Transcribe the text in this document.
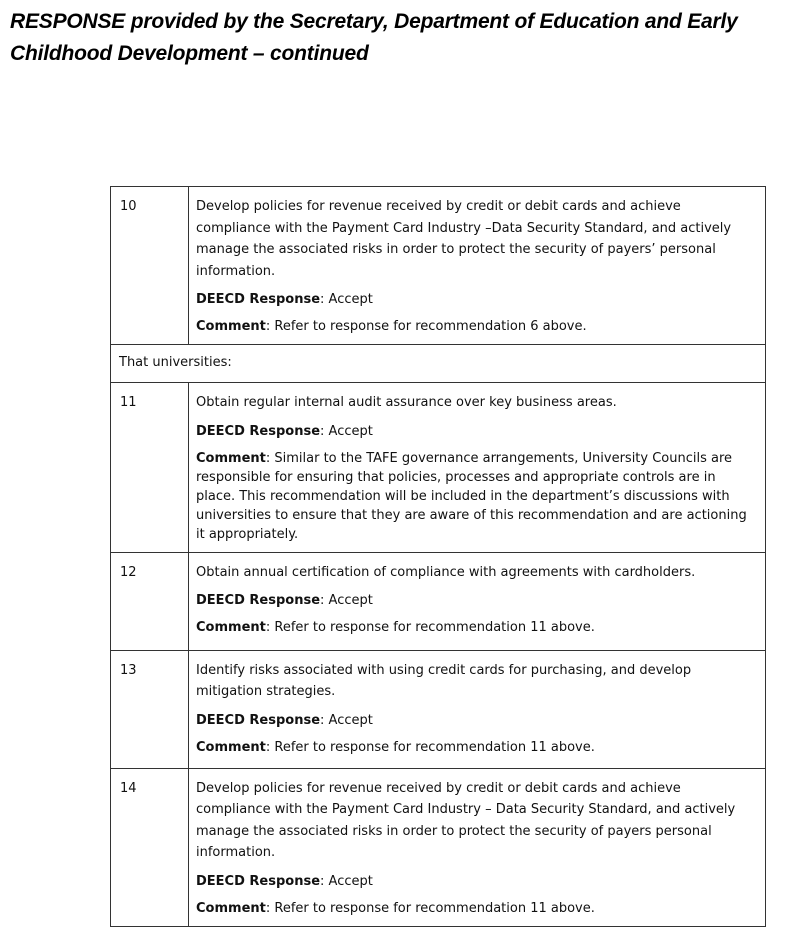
RESPONSE provided by the Secretary, Department of Education and Early Childhood Development – continued
10	Develop policies for revenue received by credit or debit cards and achieve compliance with the Payment Card Industry –Data Security Standard, and actively manage the associated risks in order to protect the security of payers’ personal information.

DEECD Response: Accept

Comment: Refer to response for recommendation 6 above.

That universities:	
11	Obtain regular internal audit assurance over key business areas.

DEECD Response: Accept

Comment: Similar to the TAFE governance arrangements, University Councils are responsible for ensuring that policies, processes and appropriate controls are in place. This recommendation will be included in the department’s discussions with universities to ensure that they are aware of this recommendation and are actioning it appropriately.

12	Obtain annual certification of compliance with agreements with cardholders.

DEECD Response: Accept

Comment: Refer to response for recommendation 11 above.

13	Identify risks associated with using credit cards for purchasing, and develop mitigation strategies.

DEECD Response: Accept

Comment: Refer to response for recommendation 11 above.

14	Develop policies for revenue received by credit or debit cards and achieve compliance with the Payment Card Industry – Data Security Standard, and actively manage the associated risks in order to protect the security of payers personal information.

DEECD Response: Accept

Comment: Refer to response for recommendation 11 above.
